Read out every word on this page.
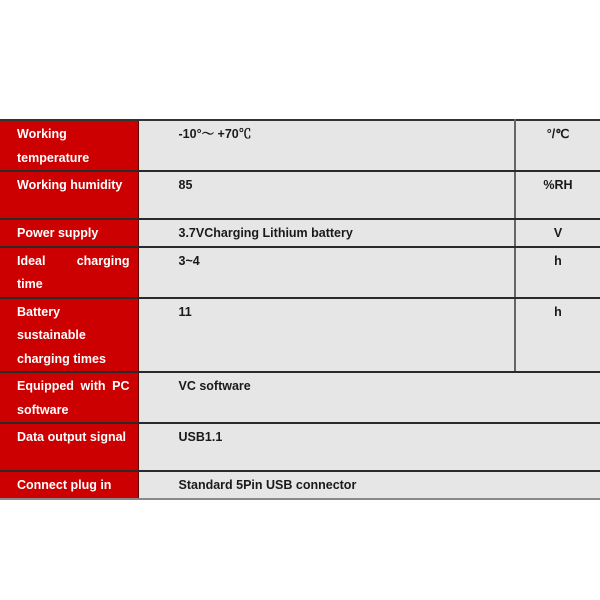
Working temperature	-10°～ +70℃	°/℃
Working humidity	85	%RH
Power supply	3.7VCharging Lithium battery	V
Ideal charging time	3~4	h
Battery sustainable charging times	11	h
Equipped with PC software	VC software	
Data output signal	USB1.1	
Connect plug in	Standard 5Pin USB connector	
